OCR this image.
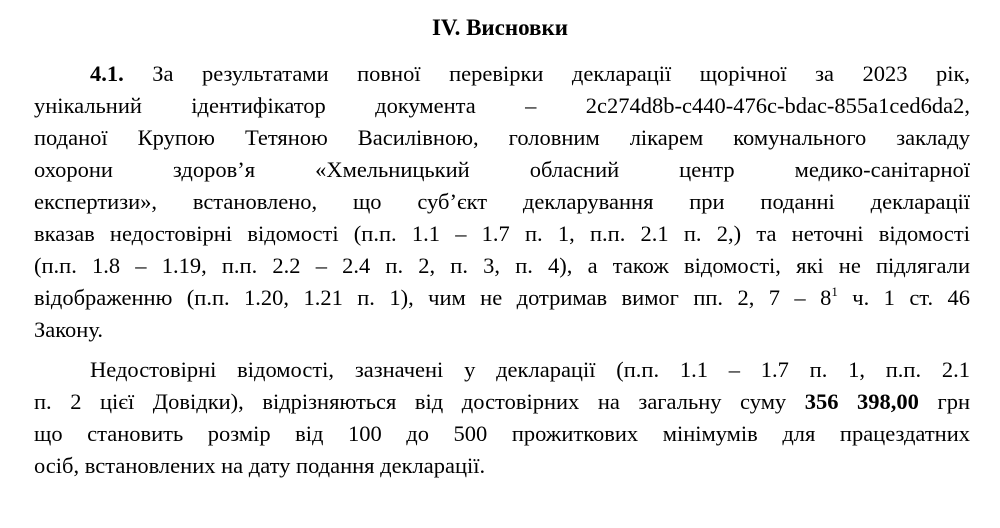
IV. Висновки
4.1. За результатами повної перевірки декларації щорічної за 2023 рік,
унікальний ідентифікатор документа – 2c274d8b-c440-476c-bdac-855a1ced6da2,
поданої Крупою Тетяною Василівною, головним лікарем комунального закладу
охорони здоров’я «Хмельницький обласний центр медико-санітарної
експертизи», встановлено, що суб’єкт декларування при поданні декларації
вказав недостовірні відомості (п.п. 1.1 – 1.7 п. 1, п.п. 2.1 п. 2,) та неточні відомості
(п.п. 1.8 – 1.19, п.п. 2.2 – 2.4 п. 2, п. 3, п. 4), а також відомості, які не підлягали
відображенню (п.п. 1.20, 1.21 п. 1), чим не дотримав вимог пп. 2, $7 - 8^1$ ч. 1 ст. 46
Закону.
Недостовірні відомості, зазначені у декларації (п.п. 1.1 – 1.7 п. 1, п.п. 2.1
п. 2 цієї Довідки), відрізняються від достовірних на загальну суму 356 398,00 грн
що становить розмір від 100 до 500 прожиткових мінімумів для працездатних
осіб, встановлених на дату подання декларації.
